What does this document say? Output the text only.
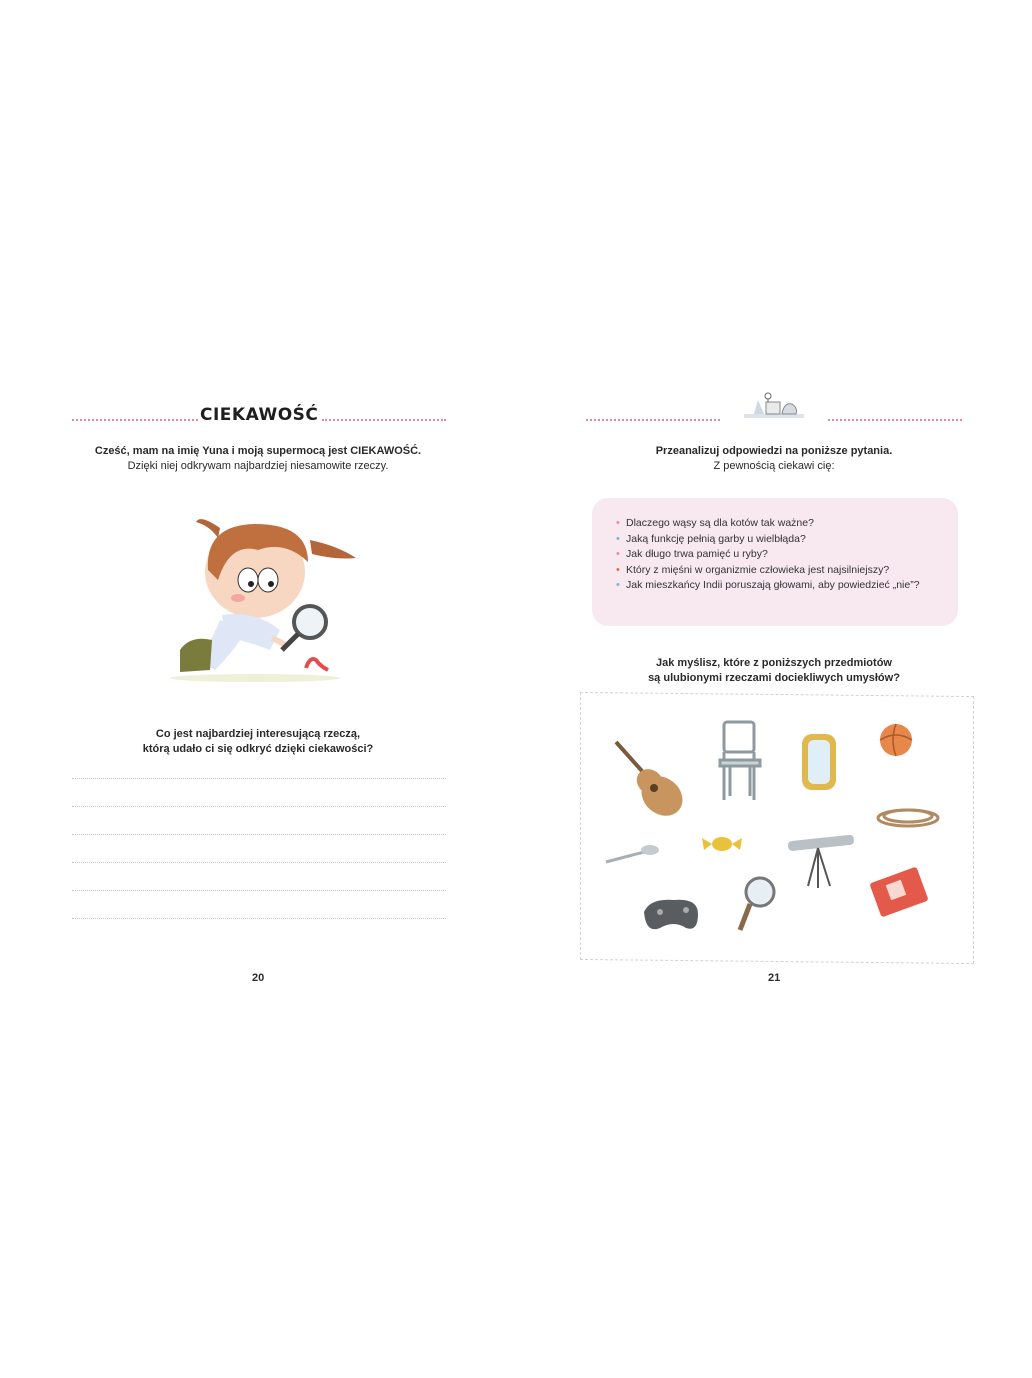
CIEKAWOŚĆ
Cześć, mam na imię Yuna i moją supermocą jest CIEKAWOŚĆ.
Dzięki niej odkrywam najbardziej niesamowite rzeczy.
Co jest najbardziej interesującą rzeczą,
którą udało ci się odkryć dzięki ciekawości?
20
Przeanalizuj odpowiedzi na poniższe pytania.
Z pewnością ciekawi cię:
• Dlaczego wąsy są dla kotów tak ważne?
• Jaką funkcję pełnią garby u wielbłąda?
• Jak długo trwa pamięć u ryby?
• Który z mięśni w organizmie człowieka jest najsilniejszy?
• Jak mieszkańcy Indii poruszają głowami, aby powiedzieć „nie”?
Jak myślisz, które z poniższych przedmiotów
są ulubionymi rzeczami dociekliwych umysłów?
21
